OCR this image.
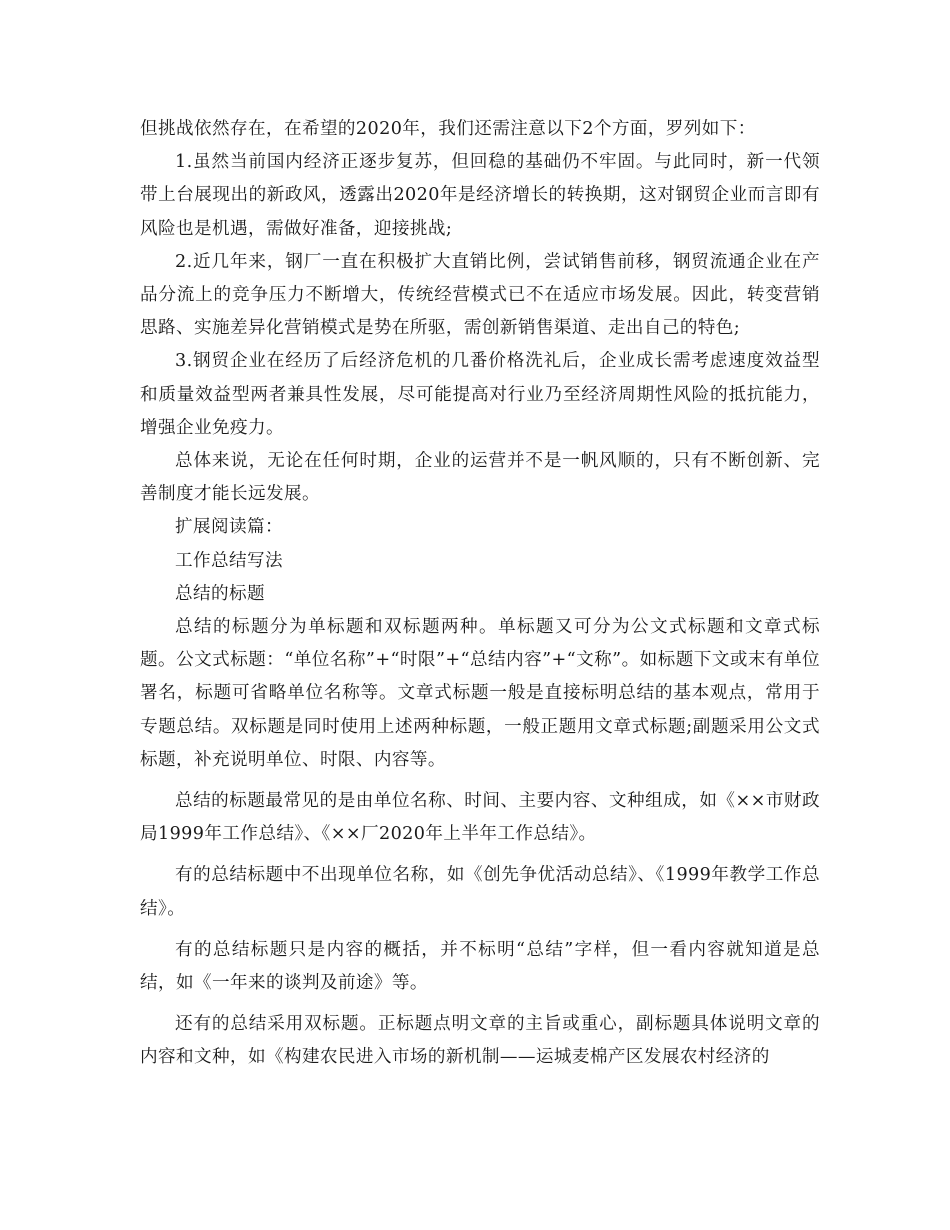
但挑战依然存在，在希望的2020年，我们还需注意以下2个方面，罗列如下：

1.虽然当前国内经济正逐步复苏，但回稳的基础仍不牢固。与此同时，新一代领带上台展现出的新政风，透露出2020年是经济增长的转换期，这对钢贸企业而言即有风险也是机遇，需做好准备，迎接挑战;

2.近几年来，钢厂一直在积极扩大直销比例，尝试销售前移，钢贸流通企业在产品分流上的竞争压力不断增大，传统经营模式已不在适应市场发展。因此，转变营销思路、实施差异化营销模式是势在所驱，需创新销售渠道、走出自己的特色;

3.钢贸企业在经历了后经济危机的几番价格洗礼后，企业成长需考虑速度效益型和质量效益型两者兼具性发展，尽可能提高对行业乃至经济周期性风险的抵抗能力，增强企业免疫力。

总体来说，无论在任何时期，企业的运营并不是一帆风顺的，只有不断创新、完善制度才能长远发展。

扩展阅读篇：

工作总结写法

总结的标题

总结的标题分为单标题和双标题两种。单标题又可分为公文式标题和文章式标题。公文式标题：“单位名称”+“时限”+“总结内容”+“文称”。如标题下文或末有单位署名，标题可省略单位名称等。文章式标题一般是直接标明总结的基本观点，常用于专题总结。双标题是同时使用上述两种标题，一般正题用文章式标题;副题采用公文式标题，补充说明单位、时限、内容等。

总结的标题最常见的是由单位名称、时间、主要内容、文种组成，如《××市财政局1999年工作总结》、《××厂2020年上半年工作总结》。

有的总结标题中不出现单位名称，如《创先争优活动总结》、《1999年教学工作总结》。

有的总结标题只是内容的概括，并不标明“总结”字样，但一看内容就知道是总结，如《一年来的谈判及前途》等。

还有的总结采用双标题。正标题点明文章的主旨或重心，副标题具体说明文章的内容和文种，如《构建农民进入市场的新机制——运城麦棉产区发展农村经济的
